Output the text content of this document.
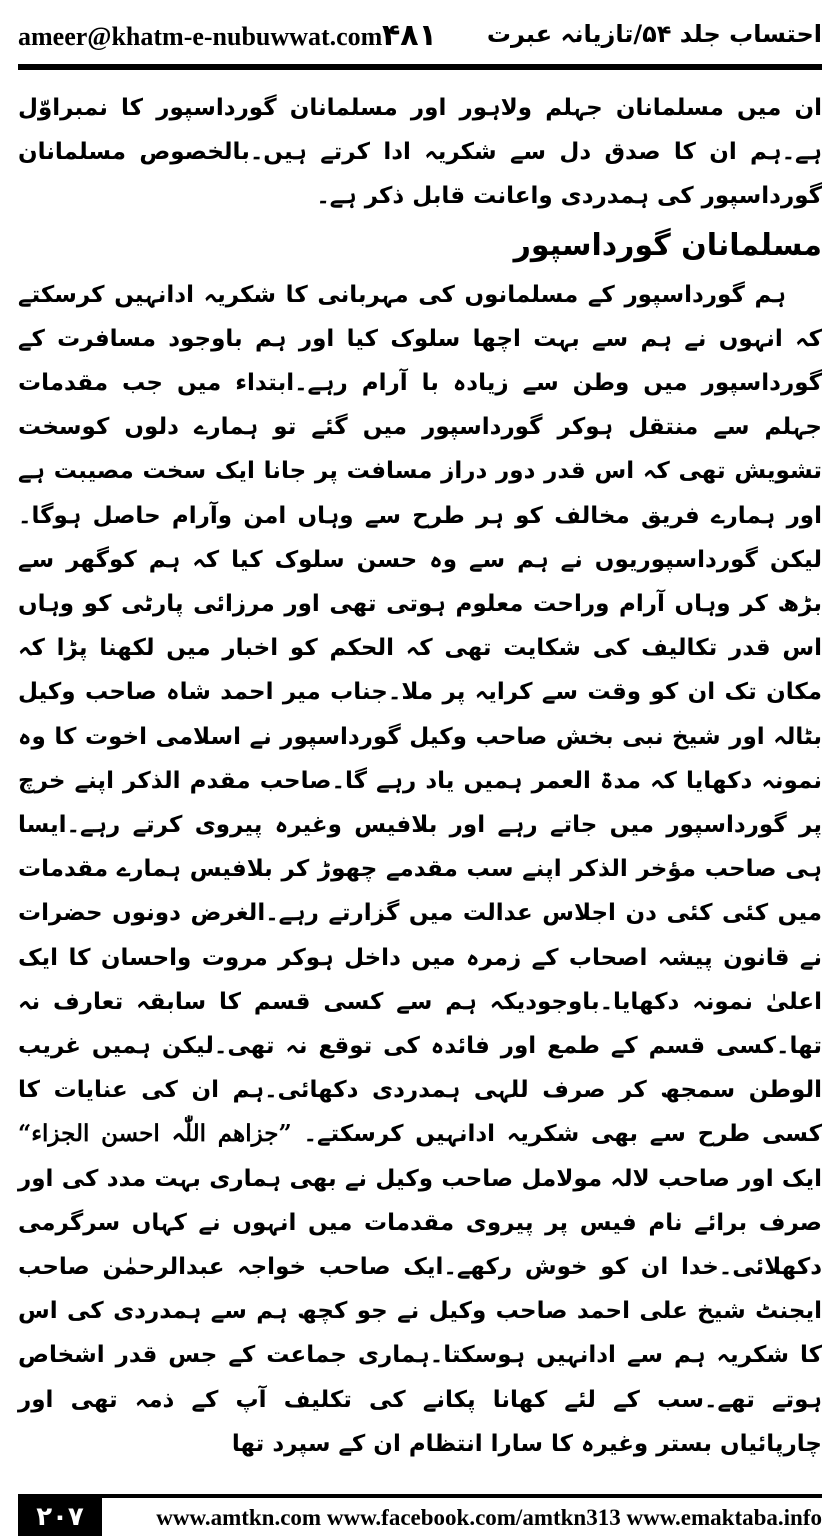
ameer@khatm-e-nubuwwat.com ۴۸۱ احتساب جلد ۵۴/تازیانہ عبرت

ان میں مسلمانان جہلم ولاہور اور مسلمانان گورداسپور کا نمبراوّل ہے۔ہم ان کا صدق دل سے شکریہ ادا کرتے ہیں۔بالخصوص مسلمانان گورداسپور کی ہمدردی واعانت قابل ذکر ہے۔

مسلمانان گورداسپور

ہم گورداسپور کے مسلمانوں کی مہربانی کا شکریہ ادانہیں کرسکتے کہ انہوں نے ہم سے بہت اچھا سلوک کیا اور ہم باوجود مسافرت کے گورداسپور میں وطن سے زیادہ با آرام رہے۔ابتداء میں جب مقدمات جہلم سے منتقل ہوکر گورداسپور میں گئے تو ہمارے دلوں کوسخت تشویش تھی کہ اس قدر دور دراز مسافت پر جانا ایک سخت مصیبت ہے اور ہمارے فریق مخالف کو ہر طرح سے وہاں امن وآرام حاصل ہوگا۔لیکن گورداسپوریوں نے ہم سے وہ حسن سلوک کیا کہ ہم کوگھر سے بڑھ کر وہاں آرام وراحت معلوم ہوتی تھی اور مرزائی پارٹی کو وہاں اس قدر تکالیف کی شکایت تھی کہ الحکم کو اخبار میں لکھنا پڑا کہ مکان تک ان کو وقت سے کرایہ پر ملا۔جناب میر احمد شاہ صاحب وکیل بٹالہ اور شیخ نبی بخش صاحب وکیل گورداسپور نے اسلامی اخوت کا وہ نمونہ دکھایا کہ مدۃ العمر ہمیں یاد رہے گا۔صاحب مقدم الذکر اپنے خرچ پر گورداسپور میں جاتے رہے اور بلافیس وغیرہ پیروی کرتے رہے۔ایسا ہی صاحب مؤخر الذکر اپنے سب مقدمے چھوڑ کر بلافیس ہمارے مقدمات میں کئی کئی دن اجلاس عدالت میں گزارتے رہے۔الغرض دونوں حضرات نے قانون پیشہ اصحاب کے زمرہ میں داخل ہوکر مروت واحسان کا ایک اعلیٰ نمونہ دکھایا۔باوجودیکہ ہم سے کسی قسم کا سابقہ تعارف نہ تھا۔کسی قسم کے طمع اور فائدہ کی توقع نہ تھی۔لیکن ہمیں غریب الوطن سمجھ کر صرف للہی ہمدردی دکھائی۔ہم ان کی عنایات کا کسی طرح سے بھی شکریہ ادانہیں کرسکتے۔ ”جزاھم اللّٰہ احسن الجزاء“ ایک اور صاحب لالہ مولامل صاحب وکیل نے بھی ہماری بہت مدد کی اور صرف برائے نام فیس پر پیروی مقدمات میں انہوں نے کہاں سرگرمی دکھلائی۔خدا ان کو خوش رکھے۔ایک صاحب خواجہ عبدالرحمٰن صاحب ایجنٹ شیخ علی احمد صاحب وکیل نے جو کچھ ہم سے ہمدردی کی اس کا شکریہ ہم سے ادانہیں ہوسکتا۔ہماری جماعت کے جس قدر اشخاص ہوتے تھے۔سب کے لئے کھانا پکانے کی تکلیف آپ کے ذمہ تھی اور چارپائیاں بستر وغیرہ کا سارا انتظام ان کے سپرد تھا

۲۰۷	www.amtkn.com www.facebook.com/amtkn313 www.emaktaba.info
